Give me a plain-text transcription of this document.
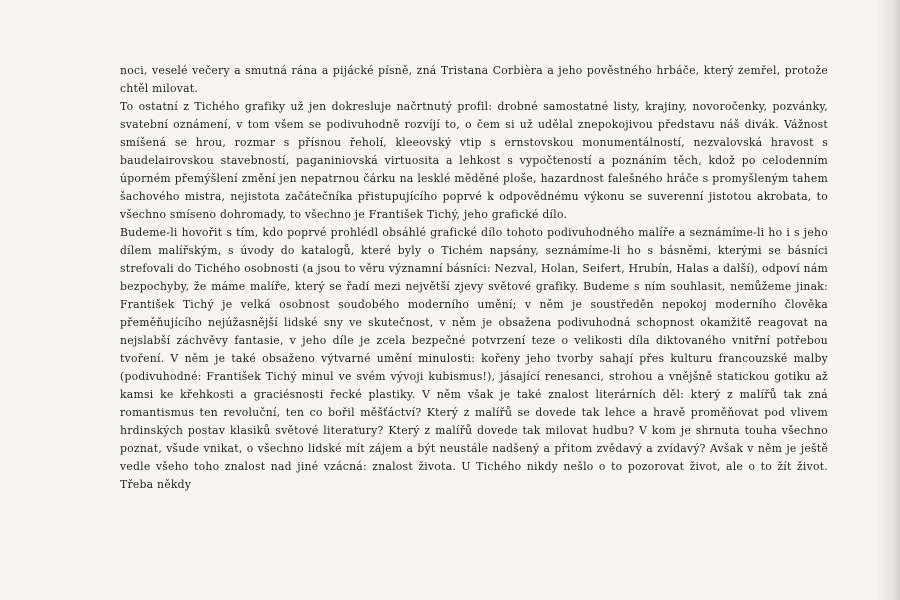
noci, veselé večery a smutná rána a pijácké písně, zná Tristana Corbièra a jeho pověstného hrbáče, který zemřel, protože chtěl milovat.

To ostatní z Tichého grafiky už jen dokresluje načrtnutý profil: drobné samostatné listy, krajiny, novoročenky, pozvánky, svatební oznámení, v tom všem se podivuhodně rozvíjí to, o čem si už udělal znepokojivou představu náš divák. Vážnost smíšená se hrou, rozmar s přísnou řeholí, kleeovský vtip s ernstovskou monumentálností, nezvalovská hravost s baudelairovskou stavebností, paganiniovská virtuosita a lehkost s vypočteností a poznáním těch, kdož po celodenním úporném přemýšlení změní jen nepatrnou čárku na lesklé měděné ploše, hazardnost falešného hráče s promyšleným tahem šachového mistra, nejistota začátečníka přistupujícího poprvé k odpovědnému výkonu se suverenní jistotou akrobata, to všechno smíseno dohromady, to všechno je František Tichý, jeho grafické dílo.

Budeme-li hovořit s tím, kdo poprvé prohlédl obsáhlé grafické dílo tohoto podivuhodného malíře a seznámíme-li ho i s jeho dílem malířským, s úvody do katalogů, které byly o Tichém napsány, seznámíme-li ho s básněmi, kterými se básníci strefovali do Tichého osobnosti (a jsou to věru významní básníci: Nezval, Holan, Seifert, Hrubín, Halas a další), odpoví nám bezpochyby, že máme malíře, který se řadí mezi největší zjevy světové grafiky. Budeme s ním souhlasit, nemůžeme jinak: František Tichý je velká osobnost soudobého moderního umění; v něm je soustředěn nepokoj moderního člověka přeměňujícího nejúžasnější lidské sny ve skutečnost, v něm je obsažena podivuhodná schopnost okamžitě reagovat na nejslabší záchvěvy fantasie, v jeho díle je zcela bezpečné potvrzení teze o velikosti díla diktovaného vnitřní potřebou tvoření. V něm je také obsaženo výtvarné umění minulosti: kořeny jeho tvorby sahají přes kulturu francouzské malby (podivuhodné: František Tichý minul ve svém vývoji kubismus!), jásající renesanci, strohou a vnějšně statickou gotiku až kamsi ke křehkosti a graciésnosti řecké plastiky. V něm však je také znalost literárních děl: který z malířů tak zná romantismus ten revoluční, ten co bořil měšťáctví? Který z malířů se dovede tak lehce a hravě proměňovat pod vlivem hrdinských postav klasiků světové literatury? Který z malířů dovede tak milovat hudbu? V kom je shrnuta touha všechno poznat, všude vnikat, o všechno lidské mít zájem a být neustále nadšený a přitom zvědavý a zvídavý? Avšak v něm je ještě vedle všeho toho znalost nad jiné vzácná: znalost života. U Tichého nikdy nešlo o to pozorovat život, ale o to žít život. Třeba někdy
